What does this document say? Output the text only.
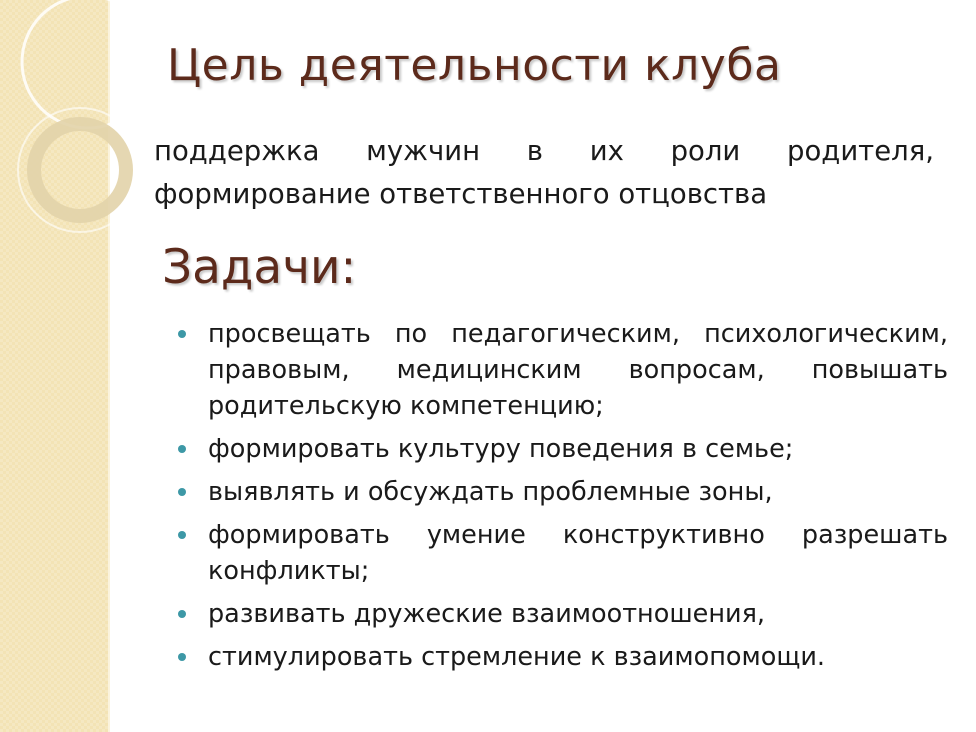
Цель деятельности клуба

поддержка мужчин в их роли родителя,
формирование ответственного отцовства

Задачи:
просвещать по педагогическим, психологическим,
правовым, медицинским вопросам, повышать
родительскую компетенцию;
формировать культуру поведения в семье;
выявлять и обсуждать проблемные зоны,
формировать умение конструктивно разрешать
конфликты;
развивать дружеские взаимоотношения,
стимулировать стремление к взаимопомощи.
